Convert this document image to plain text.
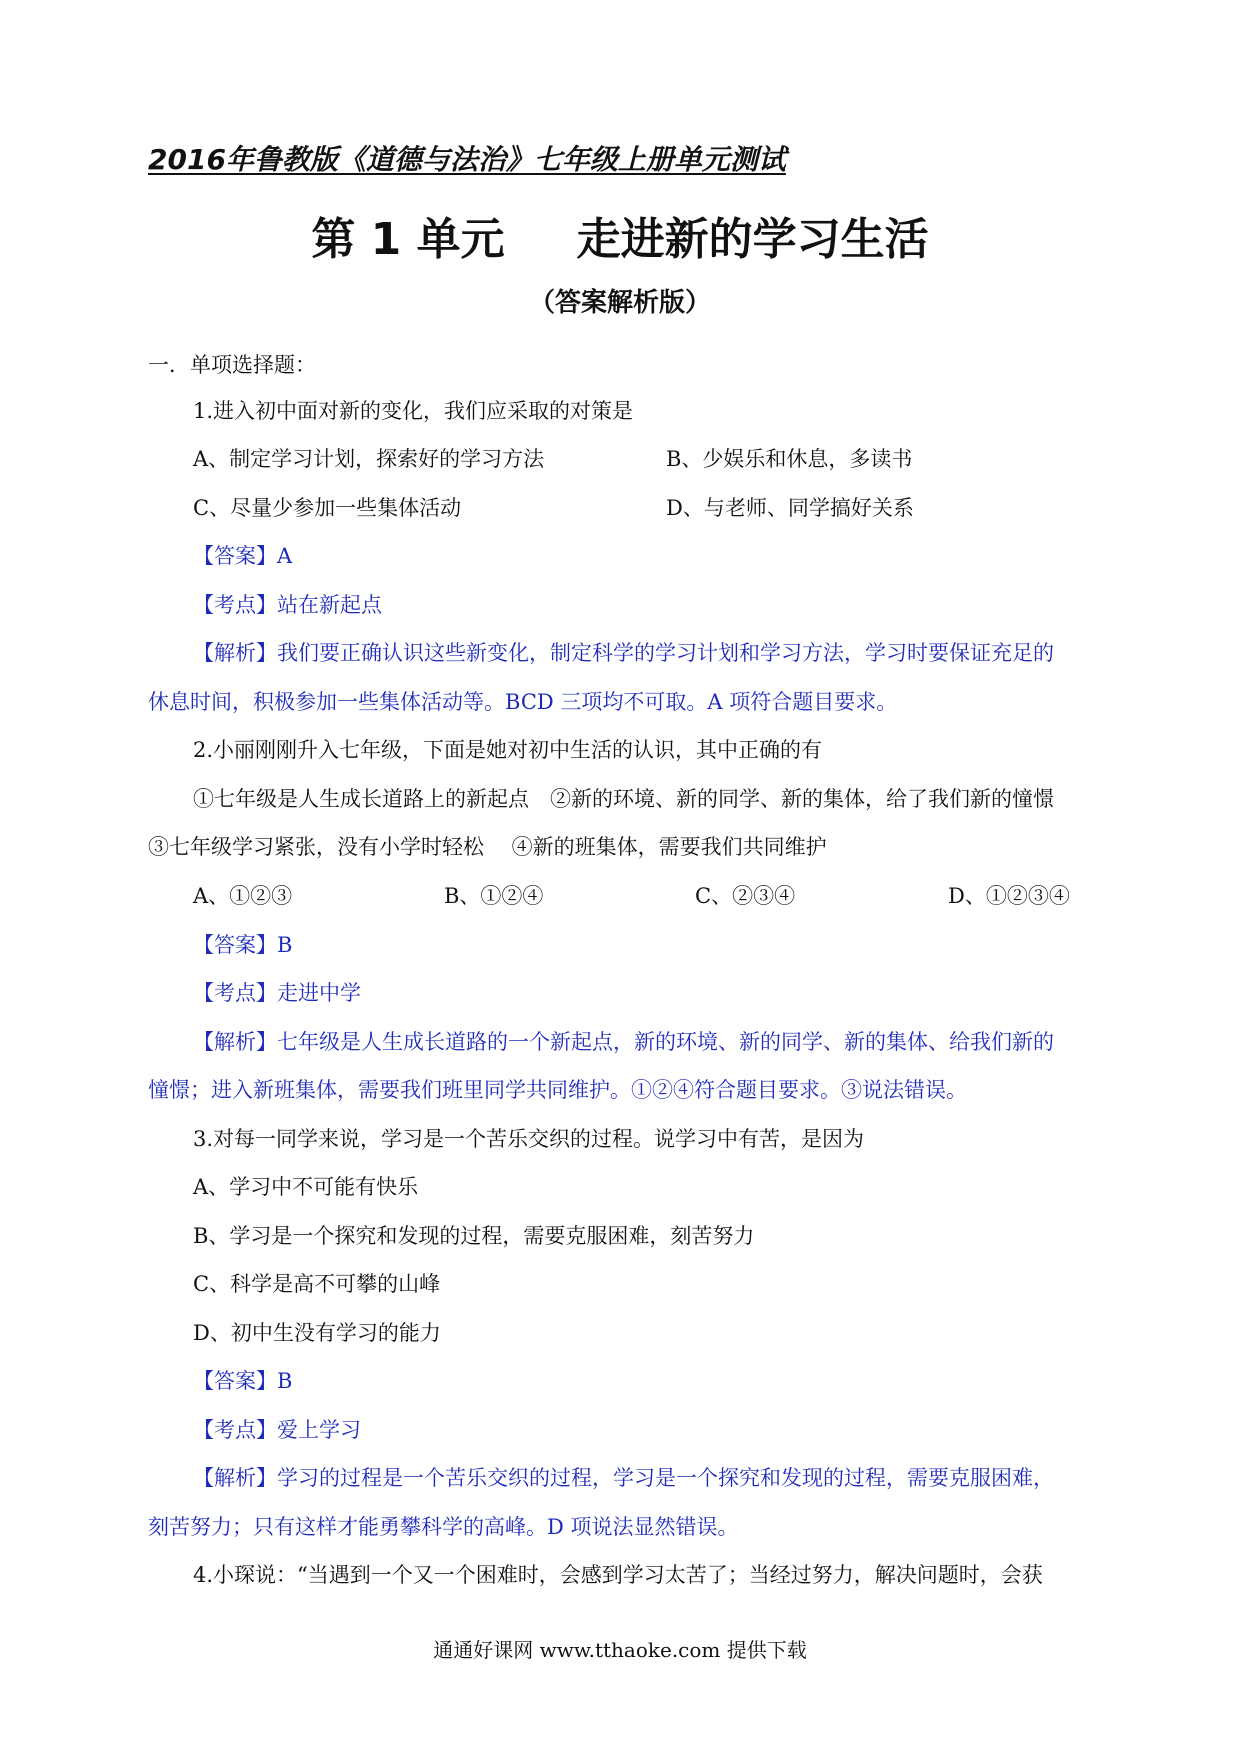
2016年鲁教版《道德与法治》七年级上册单元测试
第 1 单元 走进新的学习生活
（答案解析版）
一．单项选择题：
1.进入初中面对新的变化，我们应采取的对策是
A、制定学习计划，探索好的学习方法	B、少娱乐和休息，多读书
C、尽量少参加一些集体活动	D、与老师、同学搞好关系
【答案】A
【考点】站在新起点
【解析】我们要正确认识这些新变化，制定科学的学习计划和学习方法，学习时要保证充足的
休息时间，积极参加一些集体活动等。BCD 三项均不可取。A 项符合题目要求。
2.小丽刚刚升入七年级，下面是她对初中生活的认识，其中正确的有
①七年级是人生成长道路上的新起点　②新的环境、新的同学、新的集体，给了我们新的憧憬
③七年级学习紧张，没有小学时轻松　 ④新的班集体，需要我们共同维护
A、①②③	B、①②④	C、②③④	D、①②③④
【答案】B
【考点】走进中学
【解析】七年级是人生成长道路的一个新起点，新的环境、新的同学、新的集体、给我们新的
憧憬；进入新班集体，需要我们班里同学共同维护。①②④符合题目要求。③说法错误。
3.对每一同学来说，学习是一个苦乐交织的过程。说学习中有苦，是因为
A、学习中不可能有快乐
B、学习是一个探究和发现的过程，需要克服困难，刻苦努力
C、科学是高不可攀的山峰
D、初中生没有学习的能力
【答案】B
【考点】爱上学习
【解析】学习的过程是一个苦乐交织的过程，学习是一个探究和发现的过程，需要克服困难，
刻苦努力；只有这样才能勇攀科学的高峰。D 项说法显然错误。
4.小琛说：“当遇到一个又一个困难时，会感到学习太苦了；当经过努力，解决问题时，会获
通通好课网 www.tthaoke.com 提供下载
